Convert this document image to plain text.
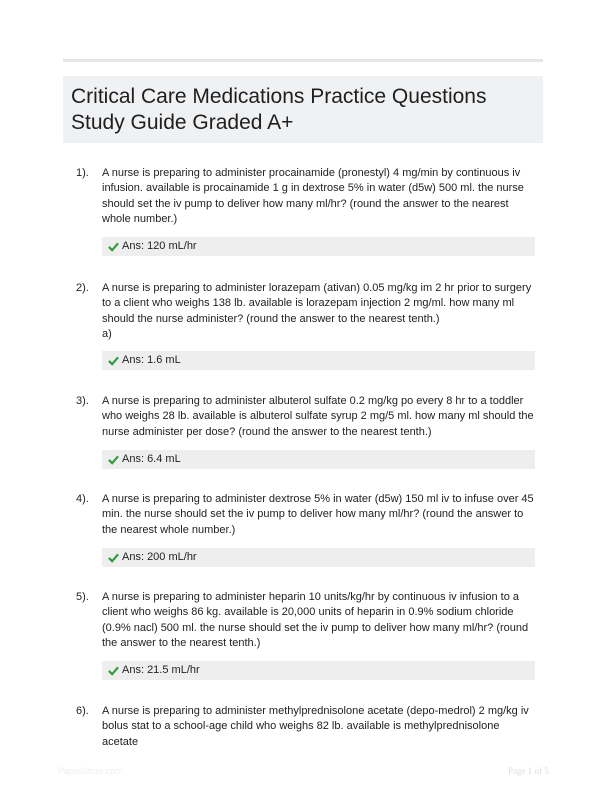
Critical Care Medications Practice Questions Study Guide Graded A+
1). A nurse is preparing to administer procainamide (pronestyl) 4 mg/min by continuous iv infusion. available is procainamide 1 g in dextrose 5% in water (d5w) 500 ml. the nurse should set the iv pump to deliver how many ml/hr? (round the answer to the nearest whole number.)
Ans: 120 mL/hr
2). A nurse is preparing to administer lorazepam (ativan) 0.05 mg/kg im 2 hr prior to surgery to a client who weighs 138 lb. available is lorazepam injection 2 mg/ml. how many ml should the nurse administer? (round the answer to the nearest tenth.)
a)
Ans: 1.6 mL
3). A nurse is preparing to administer albuterol sulfate 0.2 mg/kg po every 8 hr to a toddler who weighs 28 lb. available is albuterol sulfate syrup 2 mg/5 ml. how many ml should the nurse administer per dose? (round the answer to the nearest tenth.)
Ans: 6.4 mL
4). A nurse is preparing to administer dextrose 5% in water (d5w) 150 ml iv to infuse over 45 min. the nurse should set the iv pump to deliver how many ml/hr? (round the answer to the nearest whole number.)
Ans: 200 mL/hr
5). A nurse is preparing to administer heparin 10 units/kg/hr by continuous iv infusion to a client who weighs 86 kg. available is 20,000 units of heparin in 0.9% sodium chloride (0.9% nacl) 500 ml. the nurse should set the iv pump to deliver how many ml/hr? (round the answer to the nearest tenth.)
Ans: 21.5 mL/hr
6). A nurse is preparing to administer methylprednisolone acetate (depo-medrol) 2 mg/kg iv bolus stat to a school-age child who weighs 82 lb. available is methylprednisolone acetate
PaperStore.com	Page 1 of 5
